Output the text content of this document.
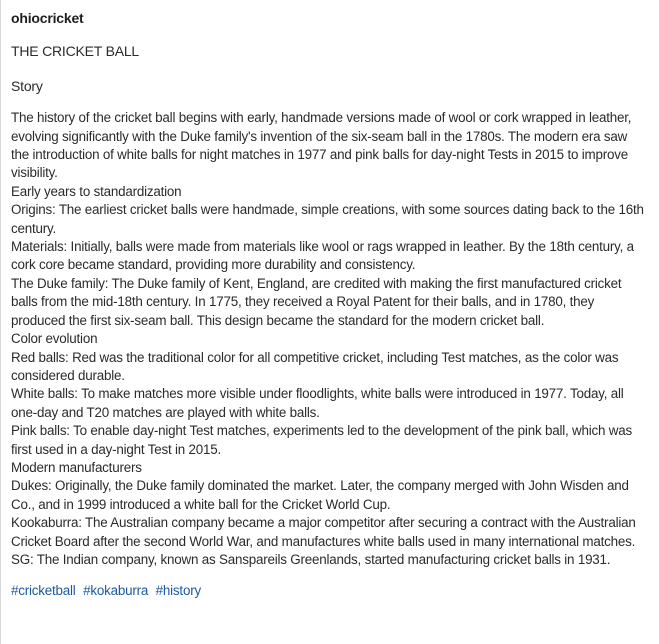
ohiocricket

THE CRICKET BALL

Story

The history of the cricket ball begins with early, handmade versions made of wool or cork wrapped in leather, evolving significantly with the Duke family's invention of the six-seam ball in the 1780s. The modern era saw the introduction of white balls for night matches in 1977 and pink balls for day-night Tests in 2015 to improve visibility.

Early years to standardization

Origins: The earliest cricket balls were handmade, simple creations, with some sources dating back to the 16th century.

Materials: Initially, balls were made from materials like wool or rags wrapped in leather. By the 18th century, a cork core became standard, providing more durability and consistency.

The Duke family: The Duke family of Kent, England, are credited with making the first manufactured cricket balls from the mid-18th century. In 1775, they received a Royal Patent for their balls, and in 1780, they produced the first six-seam ball. This design became the standard for the modern cricket ball.

Color evolution

Red balls: Red was the traditional color for all competitive cricket, including Test matches, as the color was considered durable.

White balls: To make matches more visible under floodlights, white balls were introduced in 1977. Today, all one-day and T20 matches are played with white balls.

Pink balls: To enable day-night Test matches, experiments led to the development of the pink ball, which was first used in a day-night Test in 2015.

Modern manufacturers

Dukes: Originally, the Duke family dominated the market. Later, the company merged with John Wisden and Co., and in 1999 introduced a white ball for the Cricket World Cup.

Kookaburra: The Australian company became a major competitor after securing a contract with the Australian Cricket Board after the second World War, and manufactures white balls used in many international matches.

SG: The Indian company, known as Sanspareils Greenlands, started manufacturing cricket balls in 1931.

#cricketball #kokaburra #history
